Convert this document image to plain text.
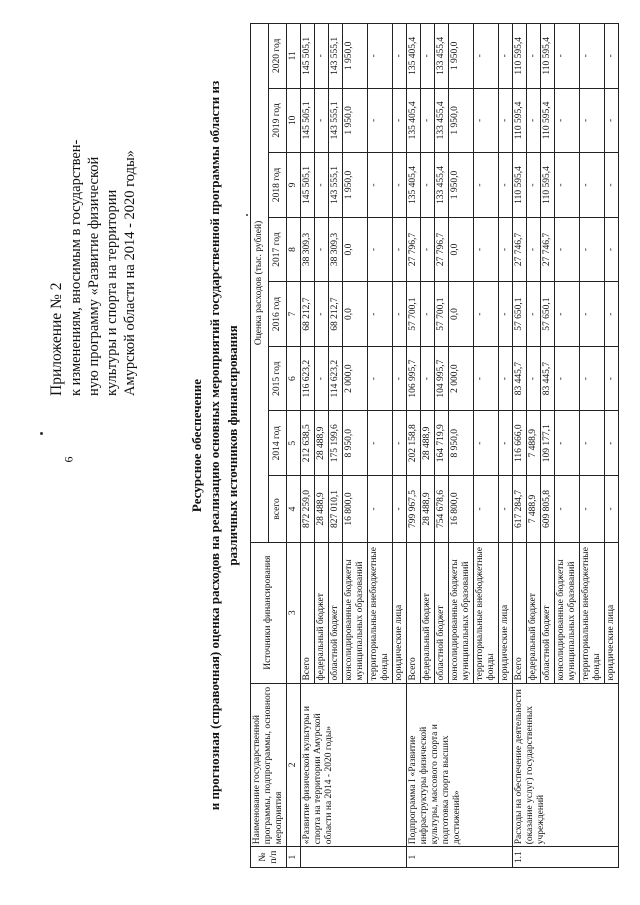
6
Приложение № 2 к изменениям, вносимым в государствен- ную программу «Развитие физической культуры и спорта на территории Амурской области на 2014 - 2020 годы»
Ресурсное обеспечение и прогнозная (справочная) оценка расходов на реализацию основных мероприятий государственной программы области из различных источников финансирования
№ п/п	Наименование государственной программы, подпрограммы, основного мероприятия	Источники финансирования	Оценка расходов (тыс. рублей)							
			всего	2014 год	2015 год	2016 год	2017 год	2018 год	2019 год	2020 год
1	2	3	4	5	6	7	8	9	10	11
	«Развитие физической культуры и спорта на территории Амурской области на 2014 - 2020 годы»	Всего	872 259,0	212 638,5	116 623,2	68 212,7	38 309,3	145 505,1	145 505,1	145 505,1
		федеральный бюджет	28 488,9	28 488,9	-	-	-	-	-	-
		областной бюджет	827 010,1	175 199,6	114 623,2	68 212,7	38 309,3	143 555,1	143 555,1	143 555,1
		консолидированные бюджеты муниципальных образований	16 800,0	8 950,0	2 000,0	0,0	0,0	1 950,0	1 950,0	1 950,0
		территориальные внебюджетные фонды	-	-	-	-	-	-	-	-
		юридические лица	-	-	-	-	-	-	-	-
1	Подпрограмма I «Развитие инфраструктуры физической культуры, массового спорта и подготовка спорта высших достижений»	Всего	799 967,5	202 158,8	106 995,7	57 700,1	27 796,7	135 405,4	135 405,4	135 405,4
		федеральный бюджет	28 488,9	28 488,9	-	-	-	-	-	-
		областной бюджет	754 678,6	164 719,9	104 995,7	57 700,1	27 796,7	133 455,4	133 455,4	133 455,4
		консолидированные бюджеты муниципальных образований	16 800,0	8 950,0	2 000,0	0,0	0,0	1 950,0	1 950,0	1 950,0
		территориальные внебюджетные фонды	-	-	-	-	-	-	-	-
		юридические лица	-	-	-	-	-	-	-	-
1.1	Расходы на обеспечение деятельности (оказание услуг) государственных учреждений	Всего	617 284,7	116 666,0	83 445,7	57 650,1	27 746,7	110 595,4	110 595,4	110 595,4
		федеральный бюджет	7 488,9	7 488,9	-	-	-	-	-	-
		областной бюджет	609 805,8	109 177,1	83 445,7	57 650,1	27 746,7	110 595,4	110 595,4	110 595,4
		консолидированные бюджеты муниципальных образований	-	-	-	-	-	-	-	-
		территориальные внебюджетные фонды	-	-	-	-	-	-	-	-
		юридические лица	-	-	-	-	-	-	-	-
